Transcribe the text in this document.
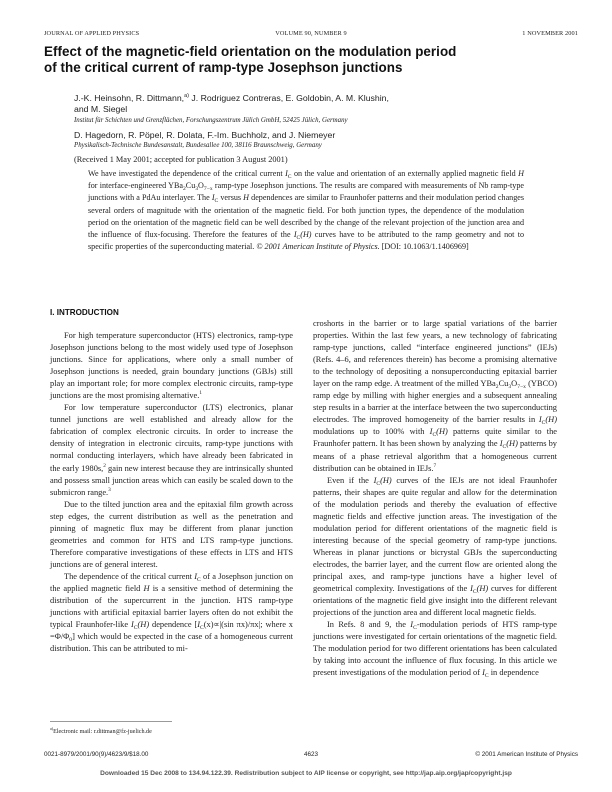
JOURNAL OF APPLIED PHYSICS	VOLUME 90, NUMBER 9	1 NOVEMBER 2001
Effect of the magnetic-field orientation on the modulation period
of the critical current of ramp-type Josephson junctions
J.-K. Heinsohn, R. Dittmann,$^{a)}$ J. Rodriguez Contreras, E. Goldobin, A. M. Klushin,
and M. Siegel
Institut für Schichten und Grenzflächen, Forschungszentrum Jülich GmbH, 52425 Jülich, Germany
D. Hagedorn, R. Pöpel, R. Dolata, F.-Im. Buchholz, and J. Niemeyer
Physikalisch-Technische Bundesanstalt, Bundesallee 100, 38116 Braunschweig, Germany
(Received 1 May 2001; accepted for publication 3 August 2001)
We have investigated the dependence of the critical current $I_C$ on the value and orientation of an externally applied magnetic field H for interface-engineered $YBa_2Cu_3O_{7-x}$ ramp-type Josephson junctions. The results are compared with measurements of Nb ramp-type junctions with a PdAu interlayer. The $I_C$ versus H dependences are similar to Fraunhofer patterns and their modulation period changes several orders of magnitude with the orientation of the magnetic field. For both junction types, the dependence of the modulation period on the orientation of the magnetic field can be well described by the change of the relevant projection of the junction area and the influence of flux-focusing. Therefore the features of the $I_C(H)$ curves have to be attributed to the ramp geometry and not to specific properties of the superconducting material. © 2001 American Institute of Physics. [DOI: 10.1063/1.1406969]
I. INTRODUCTION

For high temperature superconductor (HTS) electronics, ramp-type Josephson junctions belong to the most widely used type of Josephson junctions. Since for applications, where only a small number of Josephson junctions is needed, grain boundary junctions (GBJs) still play an important role; for more complex electronic circuits, ramp-type junctions are the most promising alternative.$^1$

For low temperature superconductor (LTS) electronics, planar tunnel junctions are well established and already allow for the fabrication of complex electronic circuits. In order to increase the density of integration in electronic circuits, ramp-type junctions with normal conducting interlayers, which have already been fabricated in the early 1980s,$^2$ gain new interest because they are intrinsically shunted and possess small junction areas which can easily be scaled down to the submicron range.$^3$

Due to the tilted junction area and the epitaxial film growth across step edges, the current distribution as well as the penetration and pinning of magnetic flux may be different from planar junction geometries and common for HTS and LTS ramp-type junctions. Therefore comparative investigations of these effects in LTS and HTS junctions are of general interest.

The dependence of the critical current $I_C$ of a Josephson junction on the applied magnetic field H is a sensitive method of determining the distribution of the supercurrent in the junction. HTS ramp-type junctions with artificial epitaxial barrier layers often do not exhibit the typical Fraunhofer-like $I_C(H)$ dependence [$I_C(x)\propto|(\sin$ πx)/πx|; where $x =\Phi/\Phi_0$] which would be expected in the case of a homogeneous current distribution. This can be attributed to mi-

croshorts in the barrier or to large spatial variations of the barrier properties. Within the last few years, a new technology of fabricating ramp-type junctions, called “interface engineered junctions” (IEJs) (Refs. 4–6, and references therein) has become a promising alternative to the technology of depositing a nonsuperconducting epitaxial barrier layer on the ramp edge. A treatment of the milled $YBa_2Cu_3O_{7-x}$ (YBCO) ramp edge by milling with higher energies and a subsequent annealing step results in a barrier at the interface between the two superconducting electrodes. The improved homogeneity of the barrier results in $I_C(H)$ modulations up to 100% with $I_C(H)$ patterns quite similar to the Fraunhofer pattern. It has been shown by analyzing the $I_C(H)$ patterns by means of a phase retrieval algorithm that a homogeneous current distribution can be obtained in IEJs.$^7$

Even if the $I_C(H)$ curves of the IEJs are not ideal Fraunhofer patterns, their shapes are quite regular and allow for the determination of the modulation periods and thereby the evaluation of effective magnetic fields and effective junction areas. The investigation of the modulation period for different orientations of the magnetic field is interesting because of the special geometry of ramp-type junctions. Whereas in planar junctions or bicrystal GBJs the superconducting electrodes, the barrier layer, and the current flow are oriented along the principal axes, and ramp-type junctions have a higher level of geometrical complexity. Investigations of the $I_C(H)$ curves for different orientations of the magnetic field give insight into the different relevant projections of the junction area and different local magnetic fields.

In Refs. 8 and 9, the $I_C$-modulation periods of HTS ramp-type junctions were investigated for certain orientations of the magnetic field. The modulation period for two different orientations has been calculated by taking into account the influence of flux focusing. In this article we present investigations of the modulation period of $I_C$ in dependence

$^{a)}$Electronic mail: r.dittman@fz-juelich.de
0021-8979/2001/90(9)/4623/9/$18.00	4623	© 2001 American Institute of Physics
Downloaded 15 Dec 2008 to 134.94.122.39. Redistribution subject to AIP license or copyright, see http://jap.aip.org/jap/copyright.jsp
